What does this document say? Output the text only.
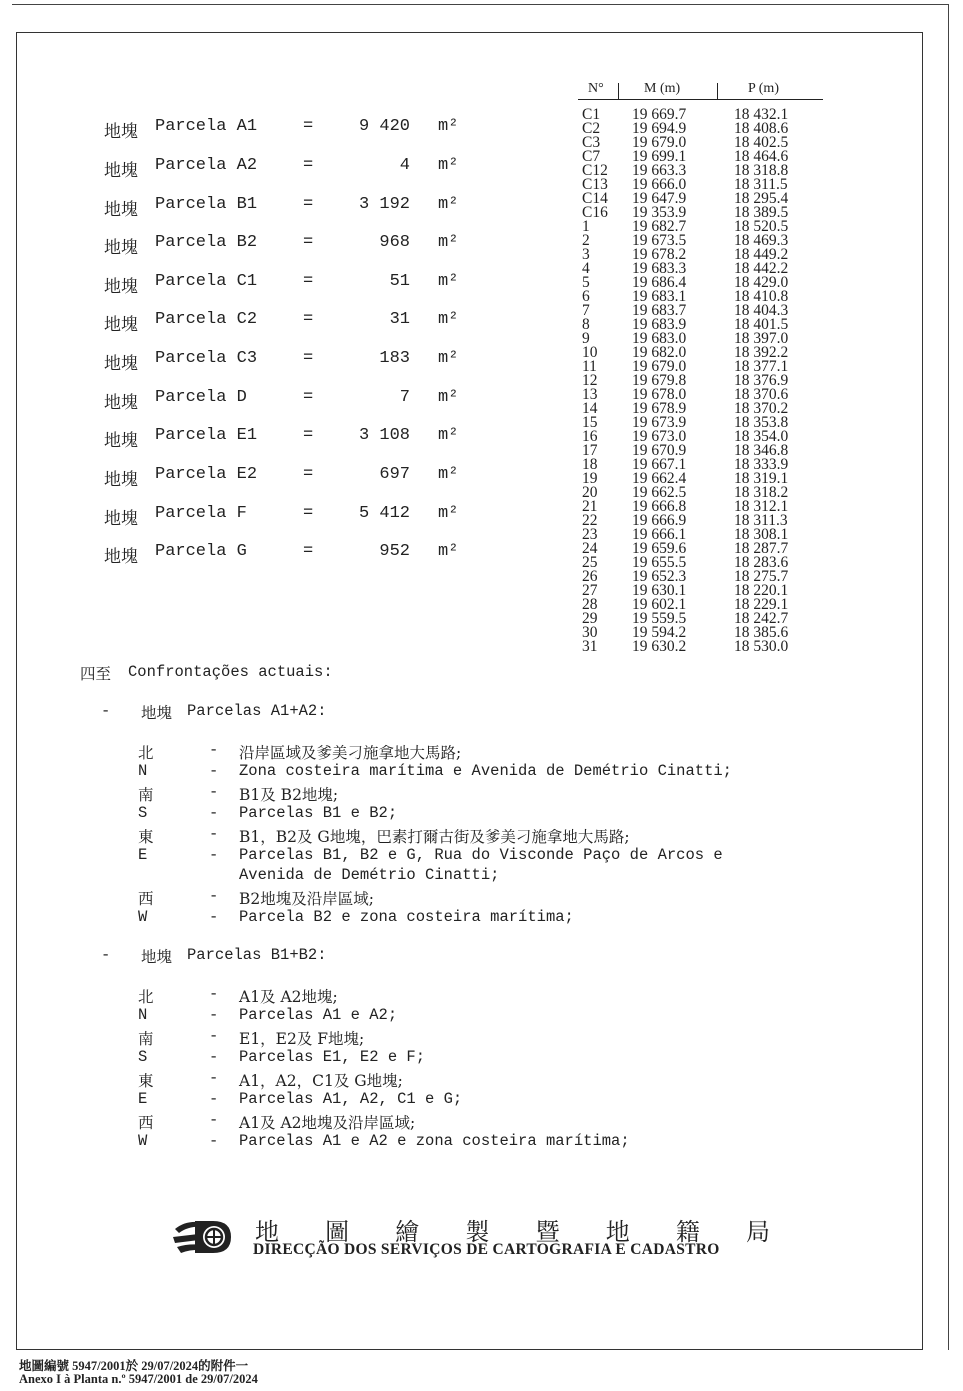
地塊 Parcela A1	=	9 420 m²
地塊 Parcela A2	=	4 m²
地塊 Parcela B1	=	3 192 m²
地塊 Parcela B2	=	968 m²
地塊 Parcela C1	=	51 m²
地塊 Parcela C2	=	31 m²
地塊 Parcela C3	=	183 m²
地塊 Parcela D	=	7 m²
地塊 Parcela E1	=	3 108 m²
地塊 Parcela E2	=	697 m²
地塊 Parcela F	=	5 412 m²
地塊 Parcela G	=	952 m²
N°	M (m)	P (m)
C1 19 669.7	18 432.1
C2 19 694.9	18 408.6
C3 19 679.0	18 402.5
C7 19 699.1	18 464.6
C12 19 663.3	18 318.8
C13 19 666.0	18 311.5
C14 19 647.9	18 295.4
C16 19 353.9	18 389.5
1	19 682.7	18 520.5
2	19 673.5	18 469.3
3	19 678.2	18 449.2
4	19 683.3	18 442.2
5	19 686.4	18 429.0
6	19 683.1	18 410.8
7	19 683.7	18 404.3
8	19 683.9	18 401.5
9	19 683.0	18 397.0
10 19 682.0	18 392.2
11 19 679.0	18 377.1
12 19 679.8	18 376.9
13 19 678.0	18 370.6
14 19 678.9	18 370.2
15 19 673.9	18 353.8
16 19 673.0	18 354.0
17 19 670.9	18 346.8
18 19 667.1	18 333.9
19 19 662.4	18 319.1
20 19 662.5	18 318.2
21 19 666.8	18 312.1
22 19 666.9	18 311.3
23 19 666.1	18 308.1
24 19 659.6	18 287.7
25 19 655.5	18 283.6
26 19 652.3	18 275.7
27 19 630.1	18 220.1
28 19 602.1	18 229.1
29 19 559.5	18 242.7
30 19 594.2	18 385.6
31 19 630.2	18 530.0
四至 Confrontações actuais:
- 地塊 Parcelas A1+A2:
北	- 沿岸區域及爹美刁施拿地大馬路;
N	- Zona costeira marítima e Avenida de Demétrio Cinatti;
南	- B1及 B2地塊;
S	- Parcelas B1 e B2;
東	- B1，B2及 G地塊，巴素打爾古街及爹美刁施拿地大馬路;
E	- Parcelas B1, B2 e G, Rua do Visconde Paço de Arcos e
Avenida de Demétrio Cinatti;
西	- B2地塊及沿岸區域;
W	- Parcela B2 e zona costeira marítima;
- 地塊 Parcelas B1+B2:
北	- A1及 A2地塊;
N	- Parcelas A1 e A2;
南	- E1，E2及 F地塊;
S	- Parcelas E1, E2 e F;
東	- A1，A2，C1及 G地塊;
E	- Parcelas A1, A2, C1 e G;
西	- A1及 A2地塊及沿岸區域;
W	- Parcelas A1 e A2 e zona costeira marítima;
地 圖 繪 製 暨 地 籍 局
DIRECÇÃO DOS SERVIÇOS DE CARTOGRAFIA E CADASTRO
地圖編號 5947/2001於 29/07/2024的附件一
Anexo I à Planta n.º 5947/2001 de 29/07/2024
